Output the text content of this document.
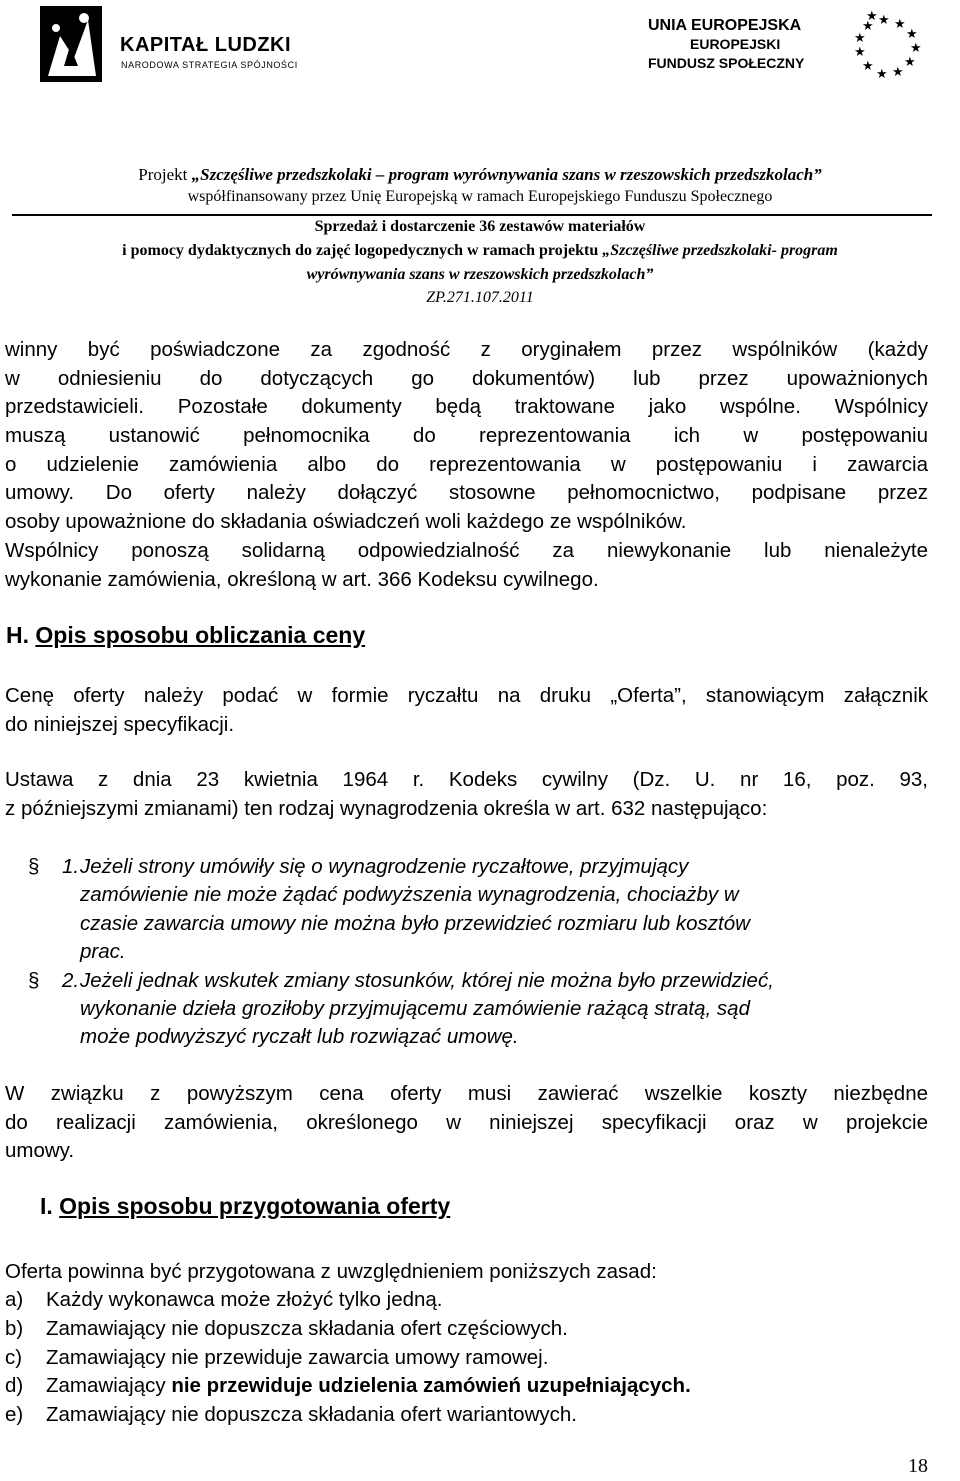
KAPITAŁ LUDZKI
NARODOWA STRATEGIA SPÓJNOŚCI
UNIA EUROPEJSKA
EUROPEJSKI
FUNDUSZ SPOŁECZNY
★ ★
★
★
★
★
★
★
★
★
★
★
Projekt „Szczęśliwe przedszkolaki – program wyrównywania szans w rzeszowskich przedszkolach”
współfinansowany przez Unię Europejską w ramach Europejskiego Funduszu Społecznego
Sprzedaż i dostarczenie 36 zestawów materiałów
i pomocy dydaktycznych do zajęć logopedycznych w ramach projektu „Szczęśliwe przedszkolaki- program
wyrównywania szans w rzeszowskich przedszkolach”
ZP.271.107.2011
winny być poświadczone za zgodność z oryginałem przez wspólników (każdy
w odniesieniu do dotyczących go dokumentów) lub przez upoważnionych
przedstawicieli. Pozostałe dokumenty będą traktowane jako wspólne. Wspólnicy
muszą ustanowić pełnomocnika do reprezentowania ich w postępowaniu
o udzielenie zamówienia albo do reprezentowania w postępowaniu i zawarcia
umowy. Do oferty należy dołączyć stosowne pełnomocnictwo, podpisane przez
osoby upoważnione do składania oświadczeń woli każdego ze wspólników.
Wspólnicy ponoszą solidarną odpowiedzialność za niewykonanie lub nienależyte
wykonanie zamówienia, określoną w art. 366 Kodeksu cywilnego.
H. Opis sposobu obliczania ceny
Cenę oferty należy podać w formie ryczałtu na druku „Oferta”, stanowiącym załącznik
do niniejszej specyfikacji.
Ustawa z dnia 23 kwietnia 1964 r. Kodeks cywilny (Dz. U. nr 16, poz. 93,
z późniejszymi zmianami) ten rodzaj wynagrodzenia określa w art. 632 następująco:
§ 1. Jeżeli strony umówiły się o wynagrodzenie ryczałtowe, przyjmujący
zamówienie nie może żądać podwyższenia wynagrodzenia, chociażby w
czasie zawarcia umowy nie można było przewidzieć rozmiaru lub kosztów
prac.
§ 2. Jeżeli jednak wskutek zmiany stosunków, której nie można było przewidzieć,
wykonanie dzieła groziłoby przyjmującemu zamówienie rażącą stratą, sąd
może podwyższyć ryczałt lub rozwiązać umowę.
W związku z powyższym cena oferty musi zawierać wszelkie koszty niezbędne
do realizacji zamówienia, określonego w niniejszej specyfikacji oraz w projekcie
umowy.
I. Opis sposobu przygotowania oferty
Oferta powinna być przygotowana z uwzględnieniem poniższych zasad:
a) Każdy wykonawca może złożyć tylko jedną.
b) Zamawiający nie dopuszcza składania ofert częściowych.
c) Zamawiający nie przewiduje zawarcia umowy ramowej.
d) Zamawiający nie przewiduje udzielenia zamówień uzupełniających.
e) Zamawiający nie dopuszcza składania ofert wariantowych.
18
